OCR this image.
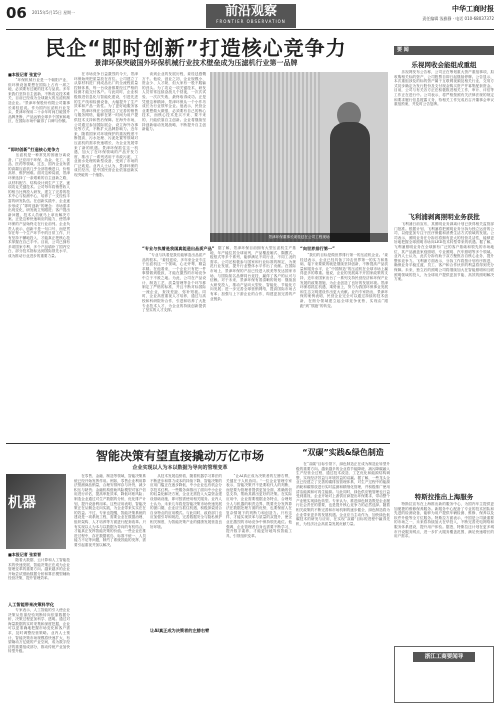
06 2015年5月15日 星期一	前沿观察
FRONTIER OBSERVATION
中华工商时报
责任编辑 浅雅静 · 电话 010-68037372
民企“即时创新”打造核心竞争力
景津环保突破国外环保机械行业技术壁垒成为压滤机行业第一品牌
■本报记者 张宣宁
　　“环保机械行业是一个朝阳产业，但环保设备要想在国际上占有一席之地，必须要有过硬的技术与品质。多年来我们坚持自主创新，不断攻克技术难关，目前已经成为全球最大的压滤机制造企业。”景津环保股份有限公司董事长姜桂廷说。作为国内压滤机行业龙头，景津环保用二十余年时间打破国外品牌垄断，产品远销全球多个国家和地区，在国际市场中赢得了口碑与份额。
“即时创新”打造核心竞争力
　　压滤机是一种常见的固液分离设备，广泛应用于环保、冶金、化工、食品、医药等领域。过去，国内企业所需的高端压滤机几乎全部依赖进口，价格高昂、维护困难。面对这种局面，景津环保选择了一条艰难的自主创新之路，从材料配方、结构设计到生产工艺，逐项攻克关键技术。公司每年将销售收入的相当比例投入研发，建立了完善的技术中心与检测中心，培养了一支经验丰富的研发队伍。在创新实践中，企业逐步形成了“即时创新”的理念：市场需求出现变化，研发就立刻跟进；客户提出新问题，技术人员就马上拿出解决方案。正是这种快速响应的能力，使景津环保的产品始终走在行业前列。企业负责人表示，创新不是一句口号，而是贯穿在每一个生产环节中的日常工作，只有坚持不懈地投入，才能真正把核心技术掌握在自己手中。目前，公司已拥有多项国家专利，多个产品填补了国内空白，部分技术指标达到国际领先水平，成为推动行业进步的重要力量。
　　在市场竞争日益激烈的今天，景津环保始终把质量放在首位。公司建立了从原材料进厂到成品出厂的全流程质量控制体系，每一台设备都要经过严格的检测才能交付客户。与此同时，企业积极推进信息化与智能化建设，引进先进的生产线和检测设备，大幅提升了生产效率和产品一致性。为了更好地服务客户，景津环保在全国建立了完善的销售与服务网络，能够在第一时间为用户提供技术支持和售后保障。在海外市场，公司通过参加国际展会、设立海外办事处等方式，不断扩大品牌影响力。近年来，随着国家对环境保护的重视程度不断提高，污水处理、污泥处置等领域对压滤机的需求快速增长，为企业发展带来了新的机遇。景津环保抓住这一机遇，加大了在环保领域的产品开发力度，推出了一系列适用于市政污泥、工业废水处理的新型设备，受到了市场的广泛欢迎。业内人士认为，景津环保的成长经历，是中国民营企业依靠创新实现突破的一个缩影。
“专业与执着是我国真能造出品质产品”
　　谈到企业的发展历程，姜桂廷感慨万千。他说，创业之初，企业规模小、资金少、人才缺，但大家有一股不服输的劲头。为了攻克一项关键技术，研发人员常常连续奋战几个昼夜，一次次试验、一次次失败，最终取得成功。正是凭借这种精神，景津环保从一个小作坊成长为行业领军企业。他表示，民营企业要想做大做强，必须要有自己的核心技术，而核心技术是买不来、要不来的，只能依靠自主创新。企业将继续坚持创新驱动发展战略，不断提升自主创新能力。
　　“专业与执着是我们能够造出品质产品的根本。”姜桂廷说，多年来企业专注于压滤机这一个领域，心无旁骛，精益求精。在他看来，一个企业只有把一件事情做到极致，才能在激烈的市场竞争中立于不败之地。为此，公司在产品设计、制造工艺、质量管理等各个环节都制定了严格的标准，并且不断对标国际一流企业，查找差距、弥补短板。同时，企业高度重视人才培养，通过与高校和科研院所合作，引进和培养了大批专业技术人才，为企业的持续创新提供了坚实的人才支撑。
景津环保董事长姜桂廷在公司工程现场
　　据了解，景津环保目前拥有大型压滤机生产基地，年产能位居全球前列，产品覆盖厢式、隔膜式、板框式等多个系列，能够满足不同行业、不同工况的需求。公司还积极参与国家和行业标准的制定，为规范行业发展、提升行业整体水平作出了贡献。在国际市场上，景津环保的产品已经进入欧美等发达国家市场，与国际知名品牌同台竞技，赢得了客户的认可与信赖。对于未来，景津环保有着清晰的规划：继续加大研发投入，推动产品向大型化、智能化、节能化方向发展；进一步完善全球营销网络，提高国际市场占有率；加强与上下游企业的合作，构建更加完善的产业链条。
“向世界排行第一”
　　“我们的目标是做世界排行第一的压滤机企业。”姜桂廷表示，企业已经具备了冲击世界第一的实力和基础，接下来要做的就是继续坚持创新，不断提高产品质量和服务水平，让“中国制造”的压滤机在全球市场上赢得更多的尊重。他说，企业的发展离不开国家政策的支持，近年来国家出台了一系列支持民营经济和环保产业发展的政策措施，为企业创造了良好的发展环境。景津环保将抓住机遇，乘势而上，努力为我国环保事业发展和生态文明建设作出更大贡献。业内专家指出，景津环保的案例表明，民营企业完全可以通过持续的技术创新，在细分领域建立起全球竞争优势，实现由“跟跑”到“领跑”的转变。
智能决策有望直接撬动万亿市场
企业实现以人为本以数据为导向的管理变革
机器
■本报记者 张家晋
　　随着大数据、云计算和人工智能技术的快速发展，智能决策正在成为企业管理变革的重要方向。越来越多的企业开始尝试借助数据分析和算法模型辅助经营决策，提升管理效率。
人工智能带来决策科学化
　　专家表示，人工智能的引入使企业决策从依靠经验判断转向依靠数据分析，决策过程更加科学、透明。通过对海量数据的实时采集和深度挖掘，企业可以更准确地把握市场变化和客户需求，及时调整经营策略。业内人士预计，智能决策市场规模将快速扩大，有望撬动万亿级的产业空间，成为数字经济的重要组成部分，推动传统产业加快转型升级。
　　在零售、金融、制造等领域，智能决策系统已经开始发挥作用。例如，零售企业利用算法预测商品销量，合理安排库存与补货，减少积压与缺货；金融机构借助风险模型对客户信用进行评估，提高审批效率，降低坏账风险；制造企业通过对生产数据的分析，优化排产计划，提升设备利用率。这些应用表明，智能决策正在从概念走向实践，为企业带来实实在在的效益。不过，专家也提醒，智能决策系统的建设是一项系统工程，需要企业在数据治理、组织架构、人才培养等方面进行配套改革。只有实现以人为本与以数据为导向的有机结合，才能真正发挥智能决策的价值。一些企业在推进过程中，存在数据孤岛、标准不统一、人员能力不足等问题，制约了系统效能的发挥，需要引起重视并加以解决。
　　从技术发展趋势看，随着机器学习算法的不断进步和算力成本的持续下降，智能决策的应用门槛正在逐步降低，中小企业也有机会分享技术红利。一些服务商推出了面向中小企业的轻量化解决方案，企业无需投入大量资金建设基础设施，即可按需使用相关服务。业内人士认为，未来几年将是智能决策市场快速发展的窗口期，企业应当抓住机遇，积极探索适合自身特点的应用模式。与此同时，政府部门也应加强引导和规范，完善数据安全与隐私保护相关制度，为智能决策产业的健康发展营造良好环境。
让AI真正成为决策者的左膀右臂
　　“让AI真正成为决策者的左膀右臂，关键在于人机协同。”一位企业管理专家表示，智能决策并不是要取代人的判断，而是要为管理者提供更加全面、准确的信息支持，帮助其做出更好的决策。在实际应用中，企业需要根据业务特点，合理划分人与机器的职责边界，既要充分发挥算法在数据处理方面的优势，也要保留人在复杂情境下的判断力和创造力。只有这样，才能实现效率与质量的双提升，使企业在激烈的市场竞争中保持领先地位。他强调，企业管理者自身也需要不断学习，提升数字素养，才能更好地驾驭智能工具，引领组织变革。
“双碳”实践&绿色制造
　　在“双碳”目标引领下，绿色制造正在成为制造业转型升级的重要方向。越来越多的企业将节能降耗、减污降碳融入生产经营全过程，通过技术改造、工艺优化和能源结构调整，实现经济效益与环境效益的双赢。据了解，一些龙头企业已经建立了完善的碳排放管理体系，对生产过程中的能源消耗和碳排放进行实时监测和精细化管理，并积极推广使用清洁能源和可再生能源。与此同时，绿色供应链管理也日益受到重视，企业开始对上游供应商提出环保要求，带动整个产业链实现绿色转型。专家认为，推进绿色制造既是企业履行社会责任的需要，也是提升核心竞争力的必然选择。随着相关政策的不断完善和市场机制的逐步健全，绿色制造将为企业带来更多的发展机遇。企业应当主动作为，加快绿色低碳技术的研发与应用，在实现“双碳”目标的进程中赢得先机，为经济社会高质量发展贡献力量。
要 闻
乐视网收会能组成重组
　　乐视网发布公告称，公司正在筹划重大资产重组事项，拟收购相关标的资产，公司股票自即日起继续停牌。公告显示，本次重组涉及的标的资产属于互联网视频及相关行业，交易方式初步确定为发行股份及支付现金购买资产并募集配套资金。目前，公司与有关各方正在积极推进相关工作，审计、评估等工作正在进行中。公司表示，将严格按照有关法律法规的规定和要求履行信息披露义务，待相关工作完成后召开董事会审议重组预案，并及时公告复牌。
飞利浦剥离照明业务获批
　　飞利浦日前宣布，其照明业务剥离计划已获得相关监管部门批准。根据计划，飞利浦将把照明业务分拆为独立运营的公司，以便更加专注于医疗保健和消费生活方式领域的发展。公司表示，照明业务在分拆后将拥有更大的经营灵活性，能够更好地把握全球照明市场向LED技术转型带来的机遇。据了解，飞利浦照明业务在全球拥有广泛的客户基础和领先的市场地位，其产品涵盖家庭照明、专业照明、汽车照明等多个领域。业内人士认为，此次分拆有助于双方聚焦各自核心业务，提升整体竞争力。飞利浦方面表示，分拆工作将按计划有序推进，确保业务平稳过渡，员工、客户和合作伙伴的利益将得到充分保障。未来，独立后的照明公司将继续加大在智能照明和互联照明领域的投入，为全球用户提供更加节能、高效的照明解决方案。
特斯拉推出上海服务
　　特斯拉宣布在上海推出新的服务中心，为国内车主提供更加便捷的维修保养服务。新服务中心配备了专业的技术团队和先进的检测设备，能够为用户提供车辆检测、维修、保养以及软件升级等全方位服务。特斯拉方面表示，中国是公司最重要的市场之一，未来将持续加大在华投入，不断完善充电网络和服务体系建设，提升用户体验。据悉，特斯拉还计划在更多城市开设服务网点，进一步扩大服务覆盖范围，满足快速增长的用户需求。
浙江工商要闻导
